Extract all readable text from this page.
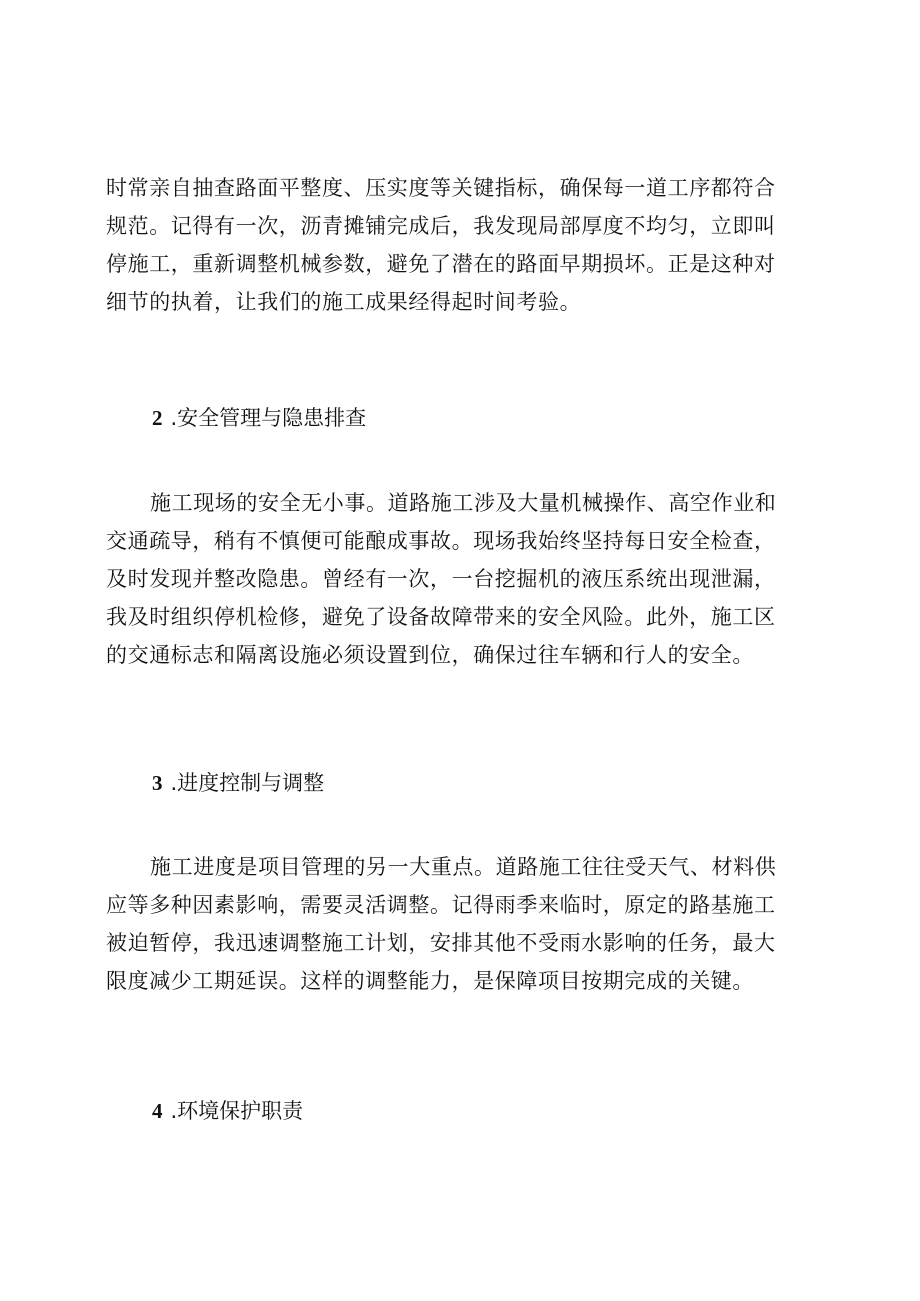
时常亲自抽查路面平整度、压实度等关键指标，确保每一道工序都符合
规范。记得有一次，沥青摊铺完成后，我发现局部厚度不均匀，立即叫
停施工，重新调整机械参数，避免了潜在的路面早期损坏。正是这种对
细节的执着，让我们的施工成果经得起时间考验。

2 .安全管理与隐患排查

施工现场的安全无小事。道路施工涉及大量机械操作、高空作业和
交通疏导，稍有不慎便可能酿成事故。现场我始终坚持每日安全检查，
及时发现并整改隐患。曾经有一次，一台挖掘机的液压系统出现泄漏，
我及时组织停机检修，避免了设备故障带来的安全风险。此外，施工区
的交通标志和隔离设施必须设置到位，确保过往车辆和行人的安全。

3 .进度控制与调整

施工进度是项目管理的另一大重点。道路施工往往受天气、材料供
应等多种因素影响，需要灵活调整。记得雨季来临时，原定的路基施工
被迫暂停，我迅速调整施工计划，安排其他不受雨水影响的任务，最大
限度减少工期延误。这样的调整能力，是保障项目按期完成的关键。

4 .环境保护职责
